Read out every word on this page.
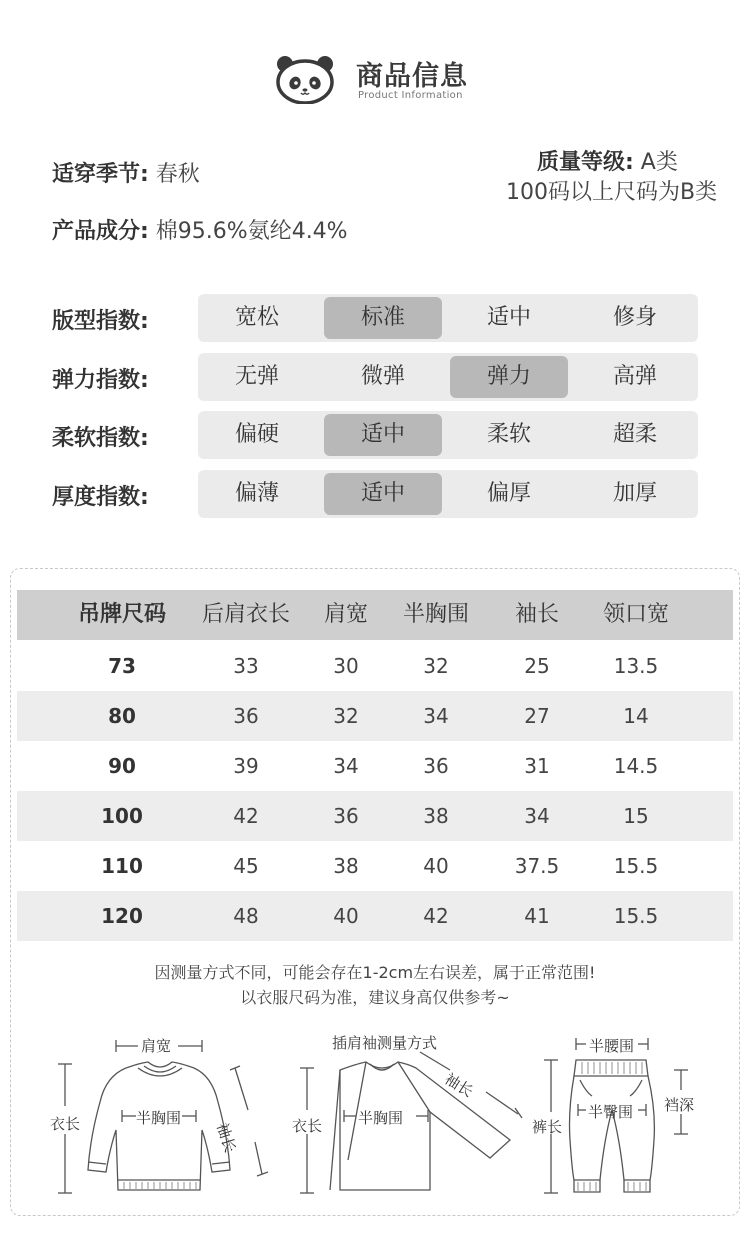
商品信息
Product Information
适穿季节: 春秋
产品成分: 棉95.6%氨纶4.4%
质量等级: A类
100码以上尺码为B类
版型指数:	宽松	标准	适中	修身
弹力指数:	无弹	微弹	弹力	高弹
柔软指数:	偏硬	适中	柔软	超柔
厚度指数:	偏薄	适中	偏厚	加厚
吊牌尺码	后肩衣长	肩宽	半胸围	袖长	领口宽
73	33	30	32	25	13.5
80	36	32	34	27	14
90	39	34	36	31	14.5
100	42	36	38	34	15
110	45	38	40	37.5	15.5
120	48	40	42	41	15.5
因测量方式不同，可能会存在1-2cm左右误差，属于正常范围!
以衣服尺码为准，建议身高仅供参考~
肩宽
半胸围
衣长	袖长
插肩袖测量方式
袖长
半胸围
衣长
半腰围
半臀围
裤长
裆深
